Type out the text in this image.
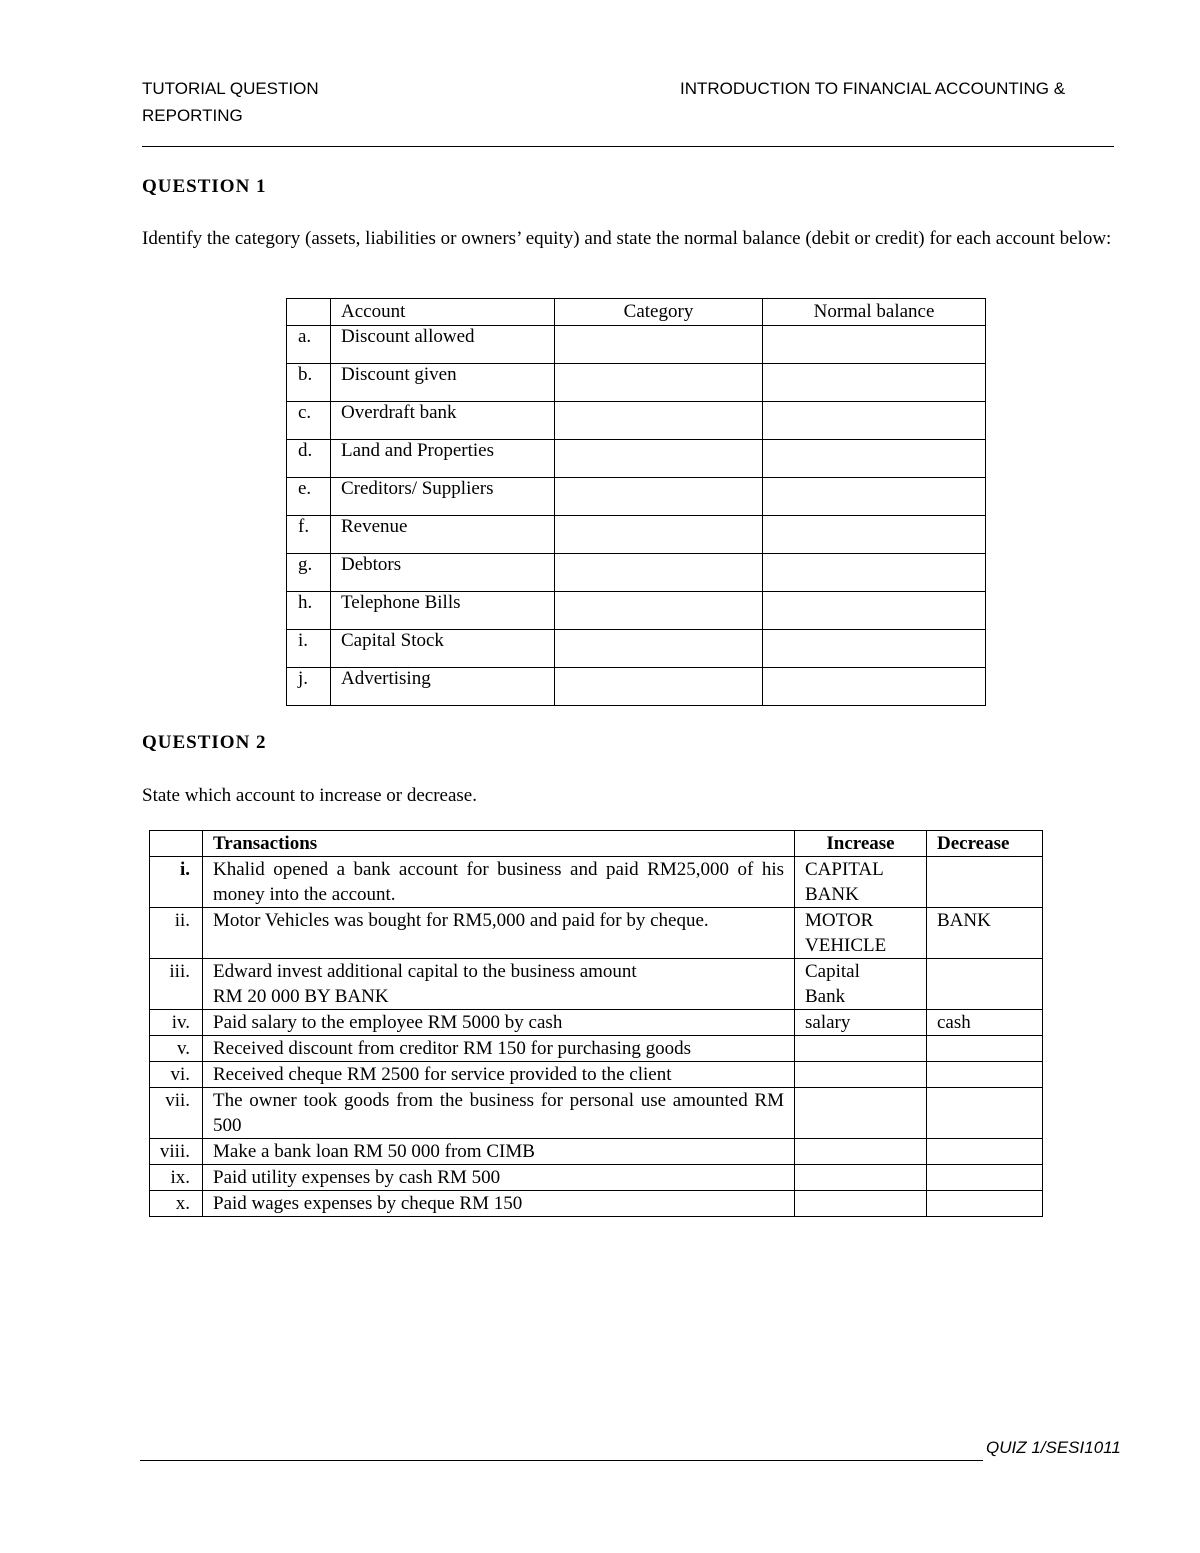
TUTORIAL QUESTION
REPORTING
INTRODUCTION TO FINANCIAL ACCOUNTING &
QUESTION 1
Identify the category (assets, liabilities or owners’ equity) and state the normal balance (debit or credit) for each account below:
	Account	Category	Normal balance
a.	Discount allowed		
b.	Discount given		
c.	Overdraft bank		
d.	Land and Properties		
e.	Creditors/ Suppliers		
f.	Revenue		
g.	Debtors		
h.	Telephone Bills		
i.	Capital Stock		
j.	Advertising		
QUESTION 2
State which account to increase or decrease.
	Transactions	Increase	Decrease
i.	Khalid opened a bank account for business and paid RM25,000 of his money into the account.	CAPITAL
BANK	
ii.	Motor Vehicles was bought for RM5,000 and paid for by cheque.	MOTOR
VEHICLE	BANK
iii.	Edward invest additional capital to the business amount
RM 20 000 BY BANK	Capital
Bank	
iv.	Paid salary to the employee RM 5000 by cash	salary	cash
v.	Received discount from creditor RM 150 for purchasing goods		
vi.	Received cheque RM 2500 for service provided to the client		
vii.	The owner took goods from the business for personal use amounted RM 500		
viii.	Make a bank loan RM 50 000 from CIMB		
ix.	Paid utility expenses by cash RM 500		
x.	Paid wages expenses by cheque RM 150		
QUIZ 1/SESI1011
